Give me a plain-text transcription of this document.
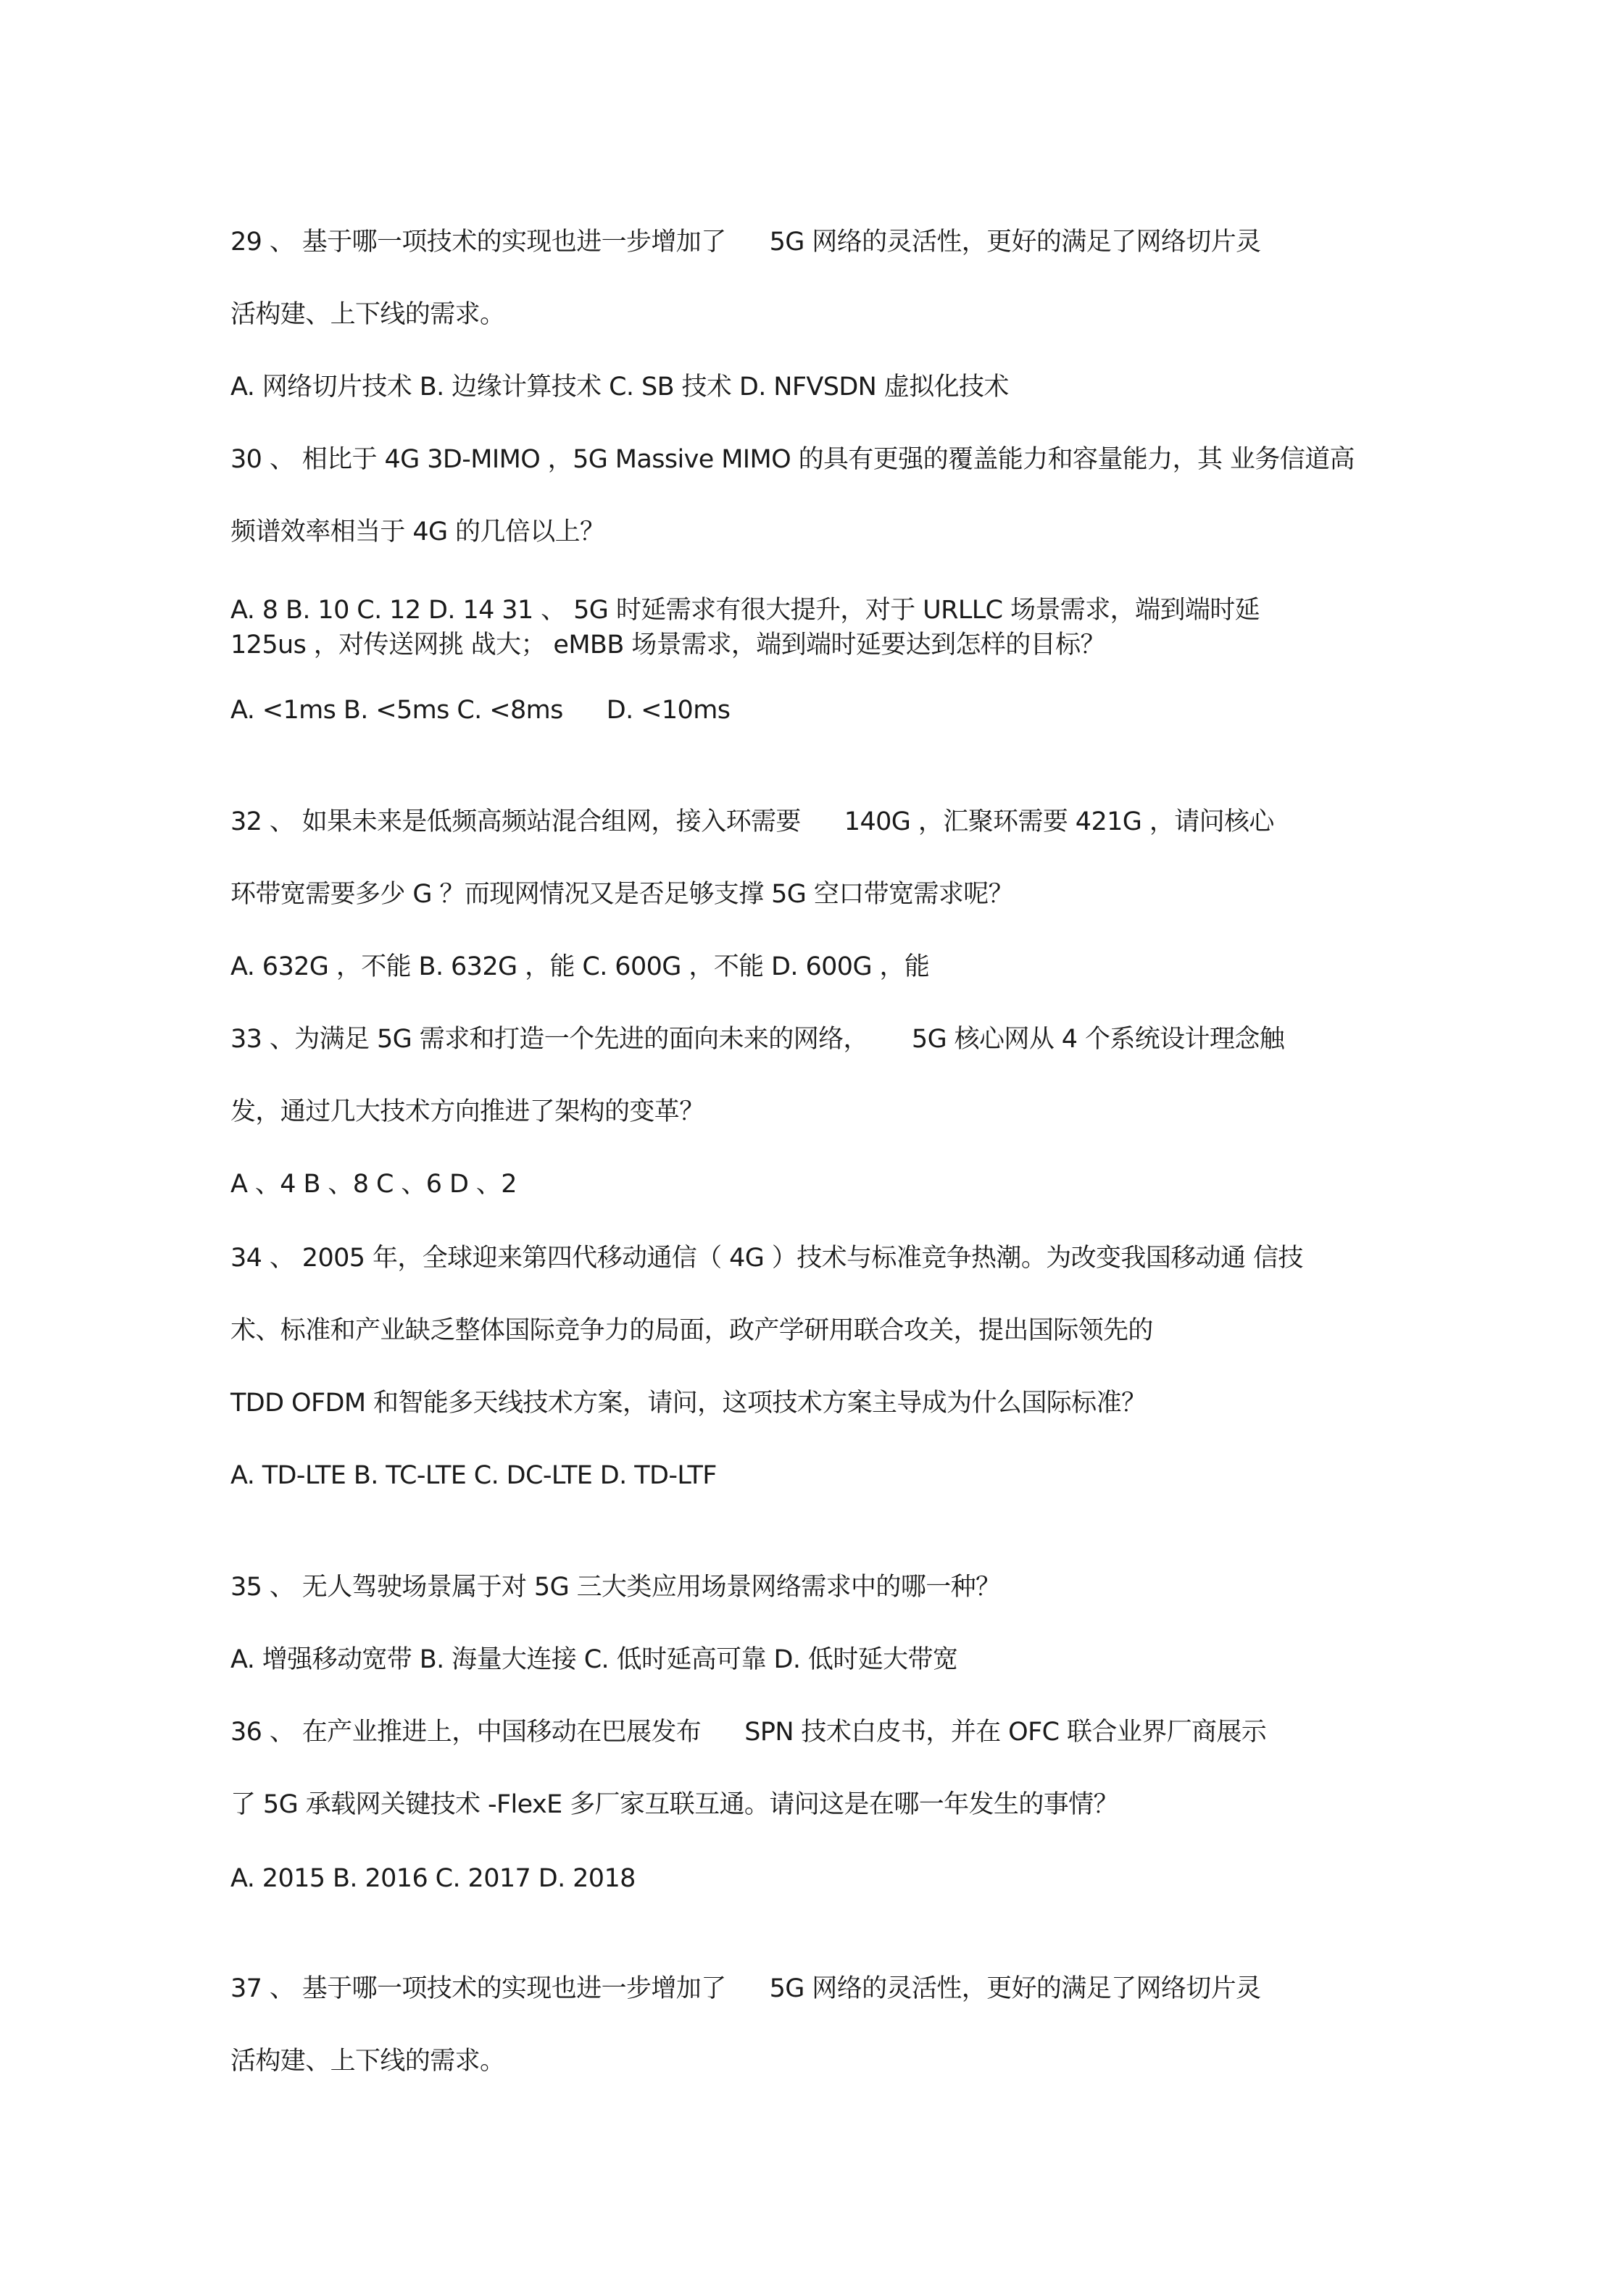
29 、 基于哪一项技术的实现也进一步增加了 5G 网络的灵活性，更好的满足了网络切片灵
活构建、上下线的需求。
A. 网络切片技术 B. 边缘计算技术 C. SB 技术 D. NFVSDN 虚拟化技术
30 、 相比于 4G 3D-MIMO ，5G Massive MIMO 的具有更强的覆盖能力和容量能力，其 业务信道高
频谱效率相当于 4G 的几倍以上？
A. 8 B. 10 C. 12 D. 14 31 、 5G 时延需求有很大提升，对于 URLLC 场景需求，端到端时延
125us ，对传送网挑 战大； eMBB 场景需求，端到端时延要达到怎样的目标？
A. <1ms B. <5ms C. <8ms D. <10ms
32 、 如果未来是低频高频站混合组网，接入环需要 140G ，汇聚环需要 421G ，请问核心
环带宽需要多少 G ？而现网情况又是否足够支撑 5G 空口带宽需求呢？
A. 632G ，不能 B. 632G ，能 C. 600G ，不能 D. 600G ，能
33 、为满足 5G 需求和打造一个先进的面向未来的网络， 5G 核心网从 4 个系统设计理念触
发，通过几大技术方向推进了架构的变革？
A 、4 B 、8 C 、6 D 、2
34 、 2005 年，全球迎来第四代移动通信（ 4G ）技术与标准竞争热潮。为改变我国移动通 信技
术、标准和产业缺乏整体国际竞争力的局面，政产学研用联合攻关，提出国际领先的
TDD OFDM 和智能多天线技术方案，请问，这项技术方案主导成为什么国际标准？
A. TD-LTE B. TC-LTE C. DC-LTE D. TD-LTF
35 、 无人驾驶场景属于对 5G 三大类应用场景网络需求中的哪一种？
A. 增强移动宽带 B. 海量大连接 C. 低时延高可靠 D. 低时延大带宽
36 、 在产业推进上，中国移动在巴展发布 SPN 技术白皮书，并在 OFC 联合业界厂商展示
了 5G 承载网关键技术 -FlexE 多厂家互联互通。请问这是在哪一年发生的事情？
A. 2015 B. 2016 C. 2017 D. 2018
37 、 基于哪一项技术的实现也进一步增加了 5G 网络的灵活性，更好的满足了网络切片灵
活构建、上下线的需求。
